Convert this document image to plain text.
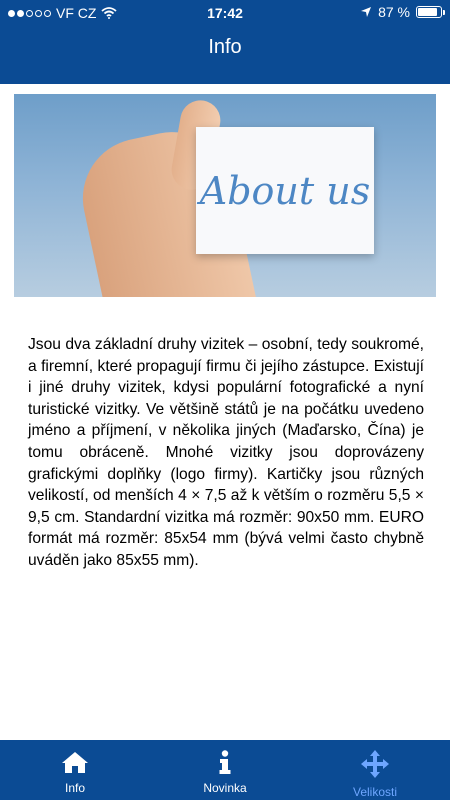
VF CZ	17:42	87 %
Info
About us
Jsou dva základní druhy vizitek – osobní, tedy soukromé, a firemní, které propagují firmu či jejího zástupce. Existují i jiné druhy vizitek, kdysi populární fotografické a nyní turistické vizitky. Ve většině států je na počátku uvedeno jméno a příjmení, v několika jiných (Maďarsko, Čína) je tomu obráceně. Mnohé vizitky jsou doprovázeny grafickými doplňky (logo firmy). Kartičky jsou různých velikostí, od menších 4 × 7,5 až k větším o rozměru 5,5 × 9,5 cm. Standardní vizitka má rozměr: 90x50 mm. EURO formát má rozměr: 85x54 mm (bývá velmi často chybně uváděn jako 85x55 mm).
Info	Novinka	Velikosti
